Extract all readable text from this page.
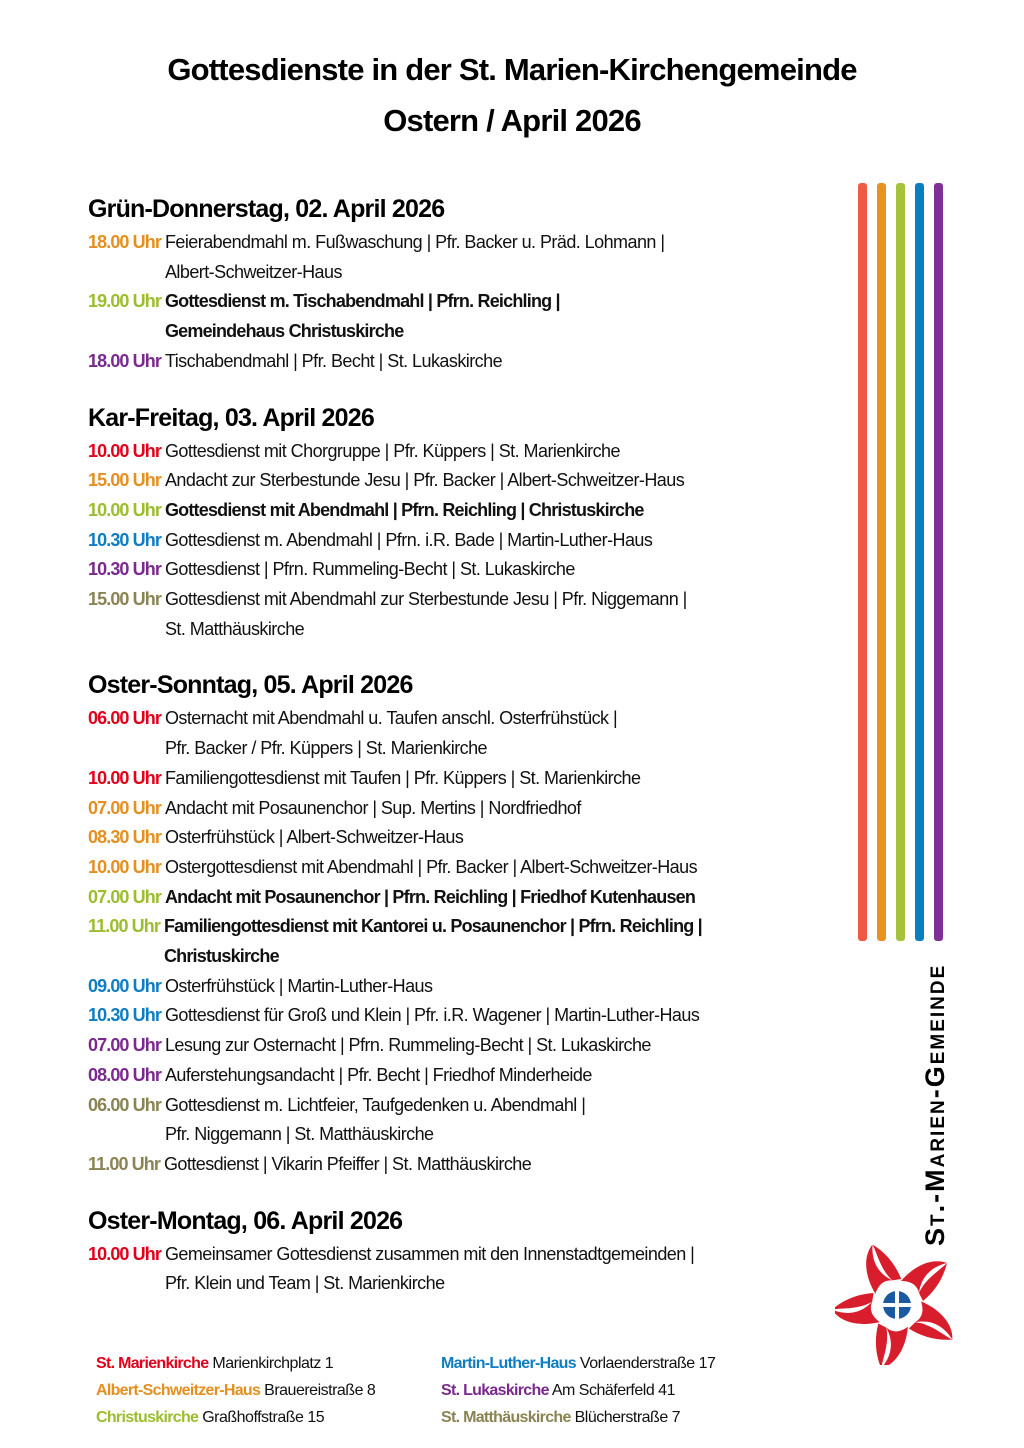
Gottesdienste in der St. Marien-Kirchengemeinde
Ostern / April 2026
Grün-Donnerstag, 02. April 2026
18.00 Uhr Feierabendmahl m. Fußwaschung | Pfr. Backer u. Präd. Lohmann |
Albert-Schweitzer-Haus
19.00 Uhr Gottesdienst m. Tischabendmahl | Pfrn. Reichling |
Gemeindehaus Christuskirche
18.00 Uhr Tischabendmahl | Pfr. Becht | St. Lukaskirche
Kar-Freitag, 03. April 2026
10.00 Uhr Gottesdienst mit Chorgruppe | Pfr. Küppers | St. Marienkirche
15.00 Uhr Andacht zur Sterbestunde Jesu | Pfr. Backer | Albert-Schweitzer-Haus
10.00 Uhr Gottesdienst mit Abendmahl | Pfrn. Reichling | Christuskirche
10.30 Uhr Gottesdienst m. Abendmahl | Pfrn. i.R. Bade | Martin-Luther-Haus
10.30 Uhr Gottesdienst | Pfrn. Rummeling-Becht | St. Lukaskirche
15.00 Uhr Gottesdienst mit Abendmahl zur Sterbestunde Jesu | Pfr. Niggemann |
St. Matthäuskirche
Oster-Sonntag, 05. April 2026
06.00 Uhr Osternacht mit Abendmahl u. Taufen anschl. Osterfrühstück |
Pfr. Backer / Pfr. Küppers | St. Marienkirche
10.00 Uhr Familiengottesdienst mit Taufen | Pfr. Küppers | St. Marienkirche
07.00 Uhr Andacht mit Posaunenchor | Sup. Mertins | Nordfriedhof
08.30 Uhr Osterfrühstück | Albert-Schweitzer-Haus
10.00 Uhr Ostergottesdienst mit Abendmahl | Pfr. Backer | Albert-Schweitzer-Haus
07.00 Uhr Andacht mit Posaunenchor | Pfrn. Reichling | Friedhof Kutenhausen
11.00 Uhr Familiengottesdienst mit Kantorei u. Posaunenchor | Pfrn. Reichling |
Christuskirche
09.00 Uhr Osterfrühstück | Martin-Luther-Haus
10.30 Uhr Gottesdienst für Groß und Klein | Pfr. i.R. Wagener | Martin-Luther-Haus
07.00 Uhr Lesung zur Osternacht | Pfrn. Rummeling-Becht | St. Lukaskirche
08.00 Uhr Auferstehungsandacht | Pfr. Becht | Friedhof Minderheide
06.00 Uhr Gottesdienst m. Lichtfeier, Taufgedenken u. Abendmahl |
Pfr. Niggemann | St. Matthäuskirche
11.00 Uhr Gottesdienst | Vikarin Pfeiffer | St. Matthäuskirche
Oster-Montag, 06. April 2026
10.00 Uhr Gemeinsamer Gottesdienst zusammen mit den Innenstadtgemeinden |
Pfr. Klein und Team | St. Marienkirche
St.-Marien-Gemeinde
St. Marienkirche Marienkirchplatz 1	Martin-Luther-Haus Vorlaenderstraße 17
Albert-Schweitzer-Haus Brauereistraße 8	St. Lukaskirche Am Schäferfeld 41
Christuskirche Graßhoffstraße 15	St. Matthäuskirche Blücherstraße 7
